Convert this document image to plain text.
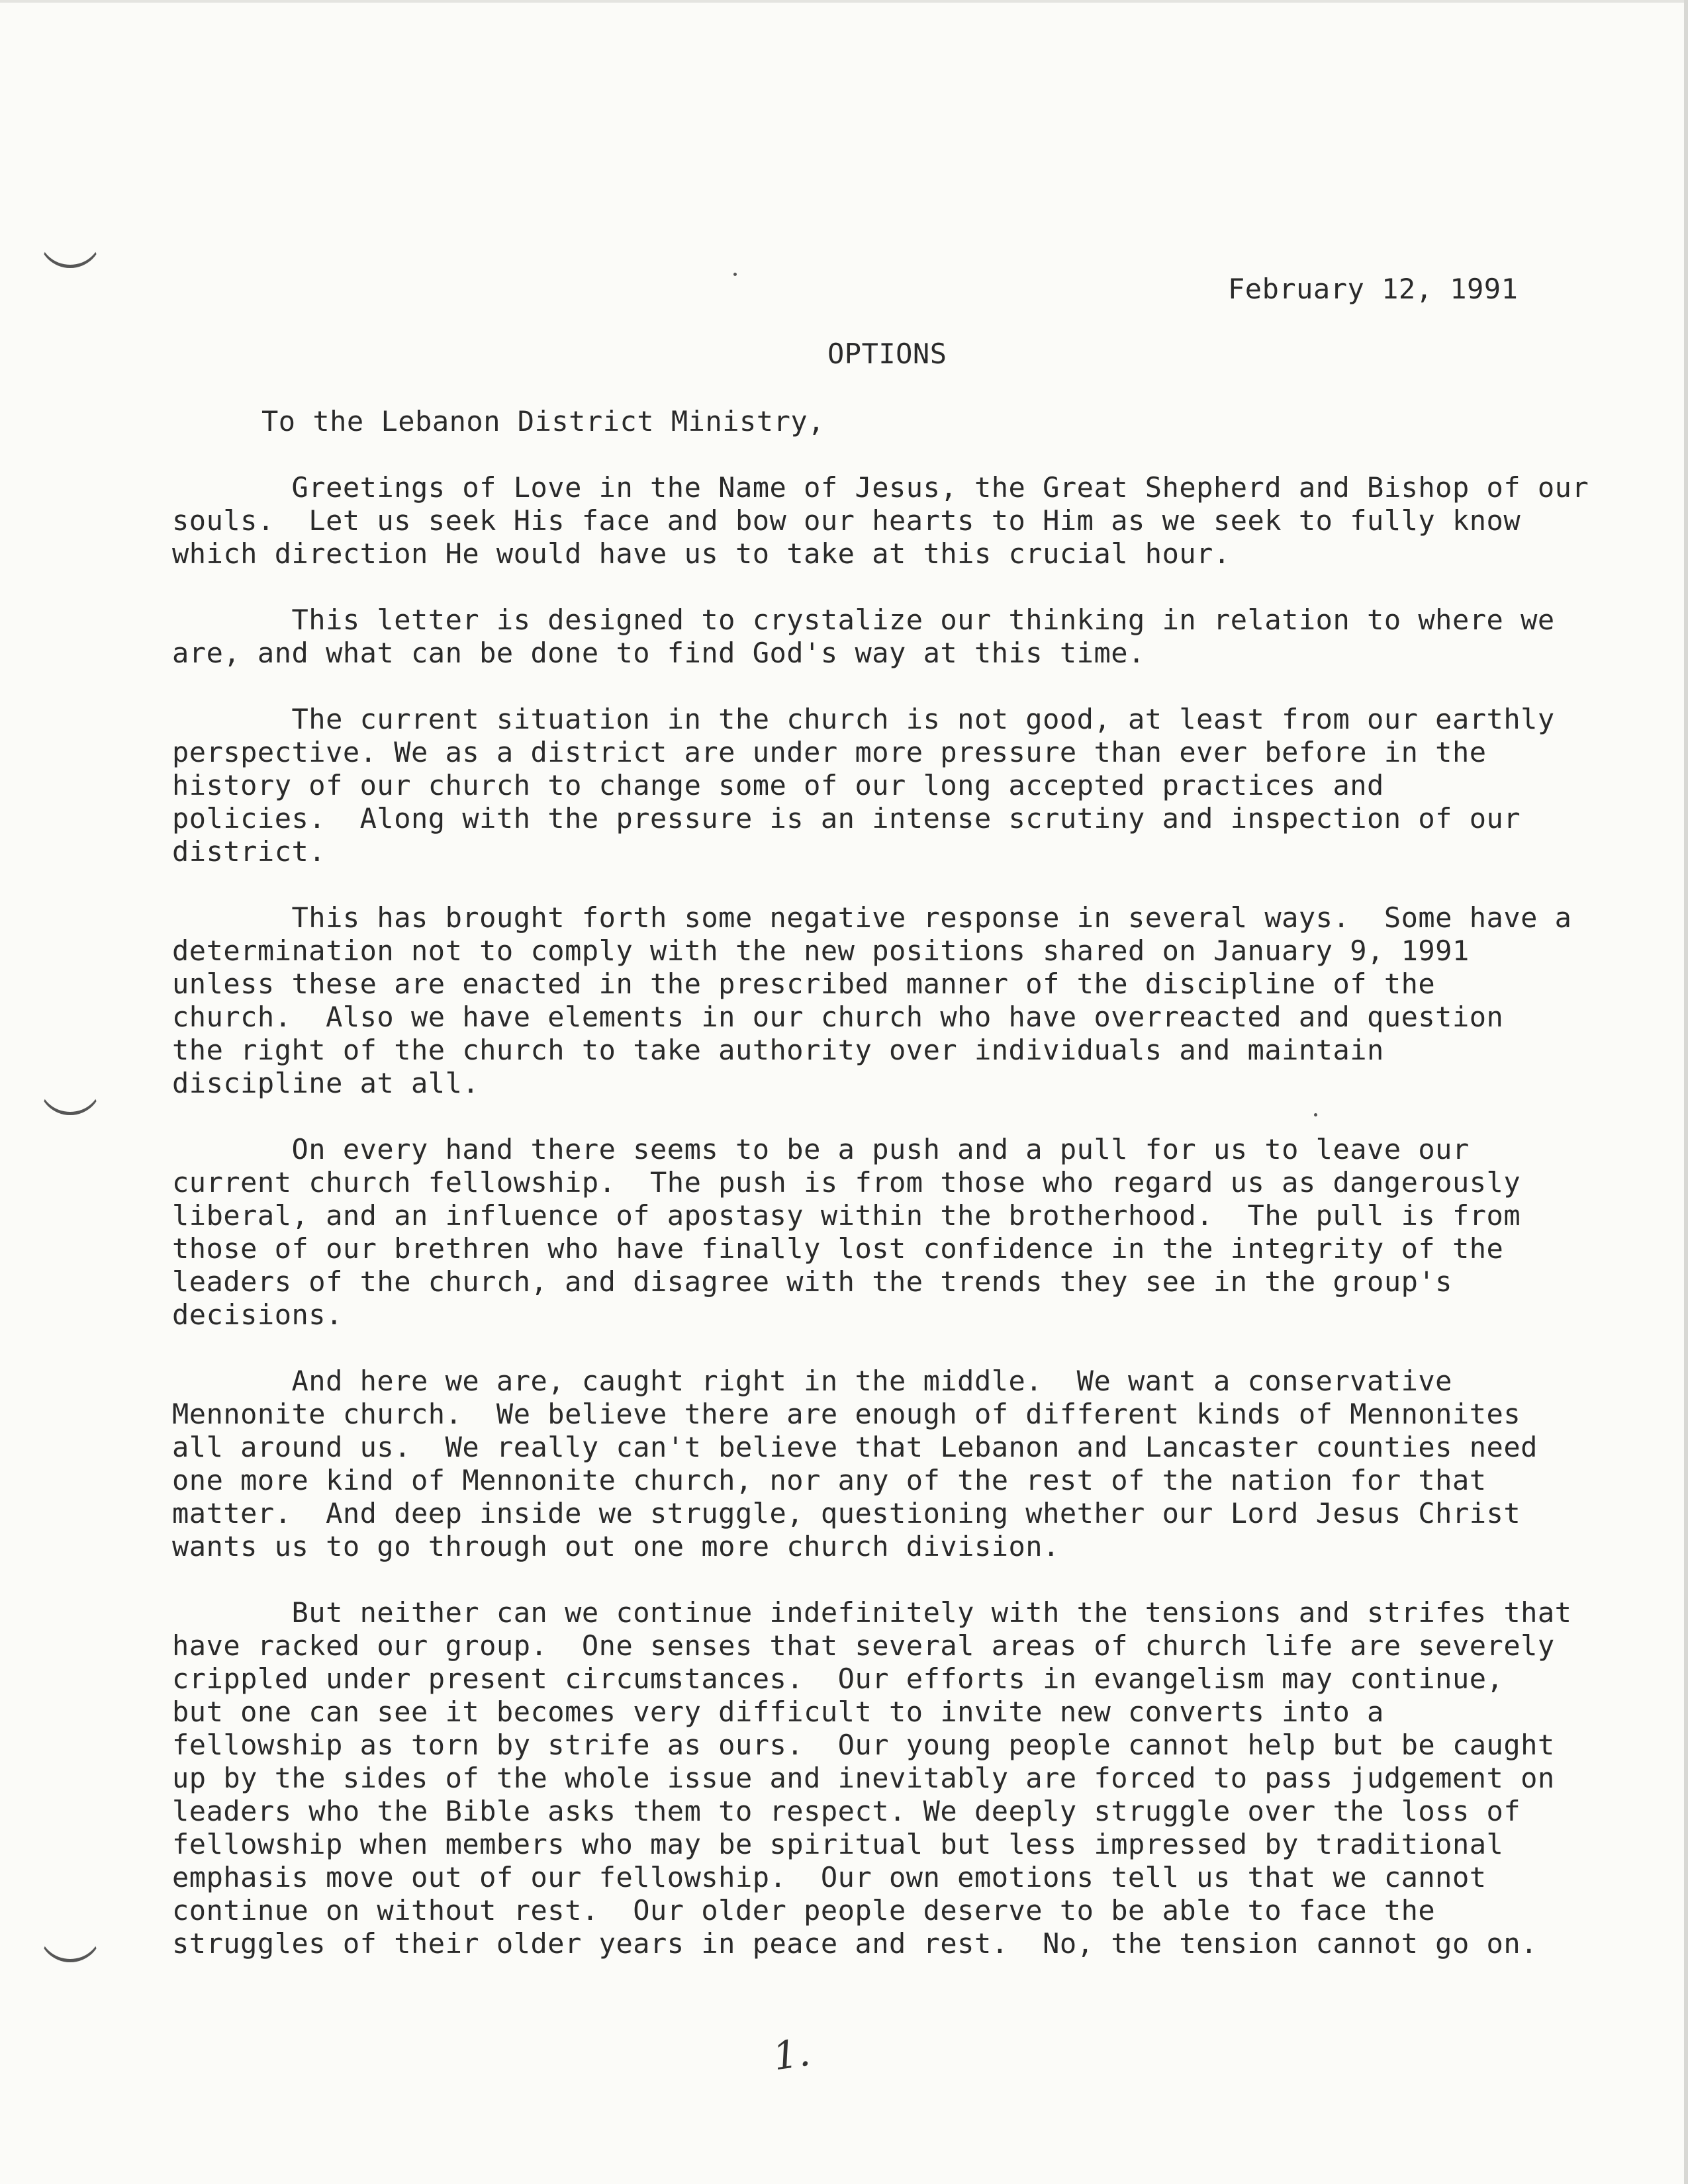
February 12, 1991
OPTIONS
To the Lebanon District Ministry,
Greetings of Love in the Name of Jesus, the Great Shepherd and Bishop of our
souls.  Let us seek His face and bow our hearts to Him as we seek to fully know
which direction He would have us to take at this crucial hour.
This letter is designed to crystalize our thinking in relation to where we
are, and what can be done to find God's way at this time.
The current situation in the church is not good, at least from our earthly
perspective. We as a district are under more pressure than ever before in the
history of our church to change some of our long accepted practices and
policies.  Along with the pressure is an intense scrutiny and inspection of our
district.
This has brought forth some negative response in several ways.  Some have a
determination not to comply with the new positions shared on January 9, 1991
unless these are enacted in the prescribed manner of the discipline of the
church.  Also we have elements in our church who have overreacted and question
the right of the church to take authority over individuals and maintain
discipline at all.
On every hand there seems to be a push and a pull for us to leave our
current church fellowship.  The push is from those who regard us as dangerously
liberal, and an influence of apostasy within the brotherhood.  The pull is from
those of our brethren who have finally lost confidence in the integrity of the
leaders of the church, and disagree with the trends they see in the group's
decisions.
And here we are, caught right in the middle.  We want a conservative
Mennonite church.  We believe there are enough of different kinds of Mennonites
all around us.  We really can't believe that Lebanon and Lancaster counties need
one more kind of Mennonite church, nor any of the rest of the nation for that
matter.  And deep inside we struggle, questioning whether our Lord Jesus Christ
wants us to go through out one more church division.
But neither can we continue indefinitely with the tensions and strifes that
have racked our group.  One senses that several areas of church life are severely
crippled under present circumstances.  Our efforts in evangelism may continue,
but one can see it becomes very difficult to invite new converts into a
fellowship as torn by strife as ours.  Our young people cannot help but be caught
up by the sides of the whole issue and inevitably are forced to pass judgement on
leaders who the Bible asks them to respect. We deeply struggle over the loss of
fellowship when members who may be spiritual but less impressed by traditional
emphasis move out of our fellowship.  Our own emotions tell us that we cannot
continue on without rest.  Our older people deserve to be able to face the
struggles of their older years in peace and rest.  No, the tension cannot go on.
1.
